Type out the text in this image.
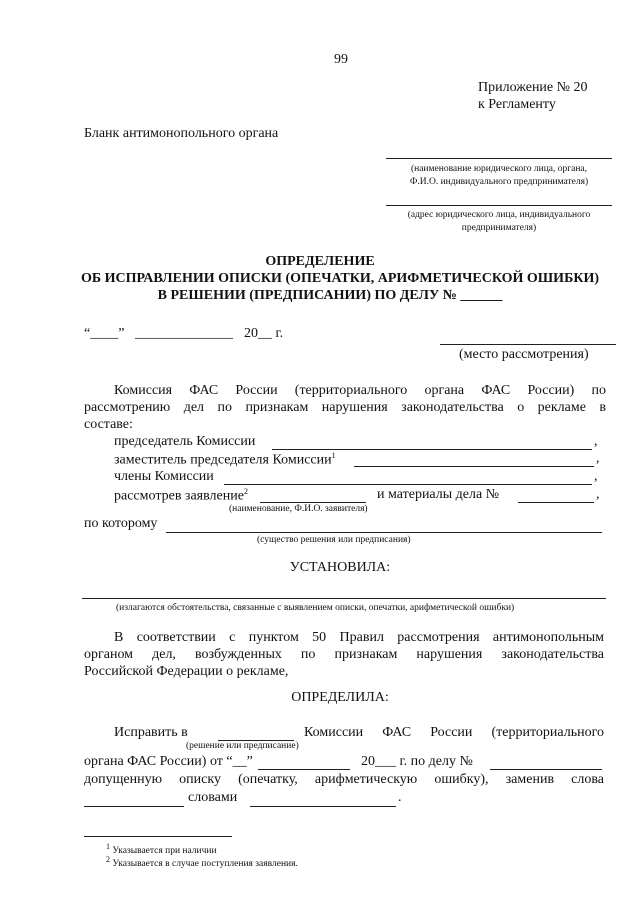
99
Приложение № 20
к Регламенту
Бланк антимонопольного органа
(наименование юридического лица, органа,
Ф.И.О. индивидуального предпринимателя)
(адрес юридического лица, индивидуального
предпринимателя)
ОПРЕДЕЛЕНИЕ
ОБ ИСПРАВЛЕНИИ ОПИСКИ (ОПЕЧАТКИ, АРИФМЕТИЧЕСКОЙ ОШИБКИ)
В РЕШЕНИИ (ПРЕДПИСАНИИ) ПО ДЕЛУ № ______
“____” ______________ 20__ г.
(место рассмотрения)
Комиссия ФАС России (территориального органа ФАС России) по
рассмотрению дел по признакам нарушения законодательства о рекламе в
составе:
председатель Комиссии	,
заместитель председателя Комиссии$^1$	,
члены Комиссии	,
рассмотрев заявление$^2$	и материалы дела №	,
(наименование, Ф.И.О. заявителя)
по которому
(существо решения или предписания)
УСТАНОВИЛА:
(излагаются обстоятельства, связанные с выявлением описки, опечатки, арифметической ошибки)
В соответствии с пунктом 50 Правил рассмотрения антимонопольным
органом дел, возбужденных по признакам нарушения законодательства
Российской Федерации о рекламе,
ОПРЕДЕЛИЛА:
Исправить в	Комиссии ФАС России (территориального
(решение или предписание)
органа ФАС России) от “__”	20___ г. по делу №
допущенную описку (опечатку, арифметическую ошибку), заменив слова
словами	.
$^1$ Указывается при наличии
$^2$ Указывается в случае поступления заявления.
